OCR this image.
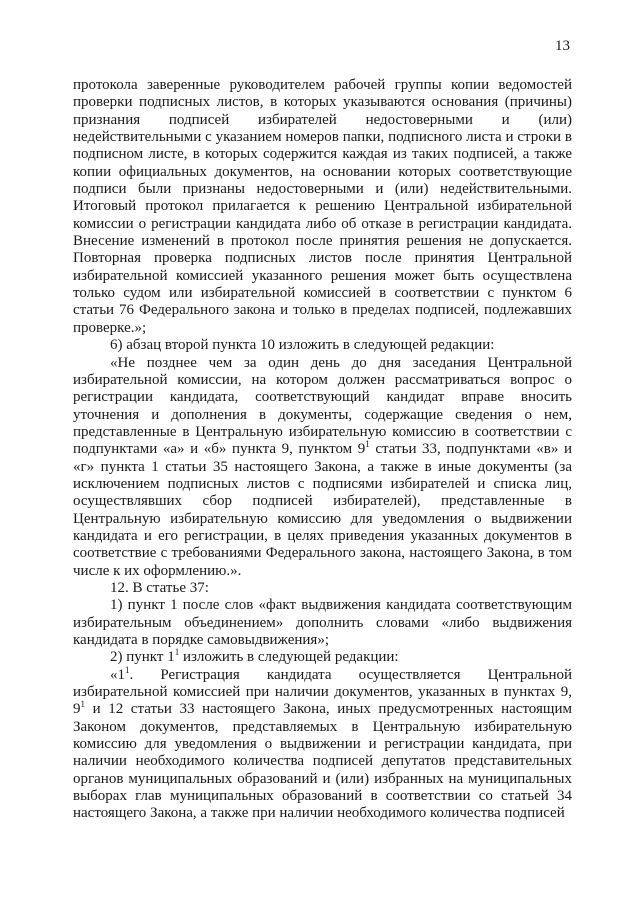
13

протокола заверенные руководителем рабочей группы копии ведомостей проверки подписных листов, в которых указываются основания (причины) признания подписей избирателей недостоверными и (или) недействительными с указанием номеров папки, подписного листа и строки в подписном листе, в которых содержится каждая из таких подписей, а также копии официальных документов, на основании которых соответствующие подписи были признаны недостоверными и (или) недействительными. Итоговый протокол прилагается к решению Центральной избирательной комиссии о регистрации кандидата либо об отказе в регистрации кандидата. Внесение изменений в протокол после принятия решения не допускается. Повторная проверка подписных листов после принятия Центральной избирательной комиссией указанного решения может быть осуществлена только судом или избирательной комиссией в соответствии с пунктом 6 статьи 76 Федерального закона и только в пределах подписей, подлежавших проверке.»;

6) абзац второй пункта 10 изложить в следующей редакции:

«Не позднее чем за один день до дня заседания Центральной избирательной комиссии, на котором должен рассматриваться вопрос о регистрации кандидата, соответствующий кандидат вправе вносить уточнения и дополнения в документы, содержащие сведения о нем, представленные в Центральную избирательную комиссию в соответствии с подпунктами «а» и «б» пункта 9, пунктом $9^1$ статьи 33, подпунктами «в» и «г» пункта 1 статьи 35 настоящего Закона, а также в иные документы (за исключением подписных листов с подписями избирателей и списка лиц, осуществлявших сбор подписей избирателей), представленные в Центральную избирательную комиссию для уведомления о выдвижении кандидата и его регистрации, в целях приведения указанных документов в соответствие с требованиями Федерального закона, настоящего Закона, в том числе к их оформлению.».

12. В статье 37:

1) пункт 1 после слов «факт выдвижения кандидата соответствующим избирательным объединением» дополнить словами «либо выдвижения кандидата в порядке самовыдвижения»;

2) пункт $1^1$ изложить в следующей редакции:

«$1^1$. Регистрация кандидата осуществляется Центральной избирательной комиссией при наличии документов, указанных в пунктах 9, $9^1$ и 12 статьи 33 настоящего Закона, иных предусмотренных настоящим Законом документов, представляемых в Центральную избирательную комиссию для уведомления о выдвижении и регистрации кандидата, при наличии необходимого количества подписей депутатов представительных органов муниципальных образований и (или) избранных на муниципальных выборах глав муниципальных образований в соответствии со статьей 34 настоящего Закона, а также при наличии необходимого количества подписей
